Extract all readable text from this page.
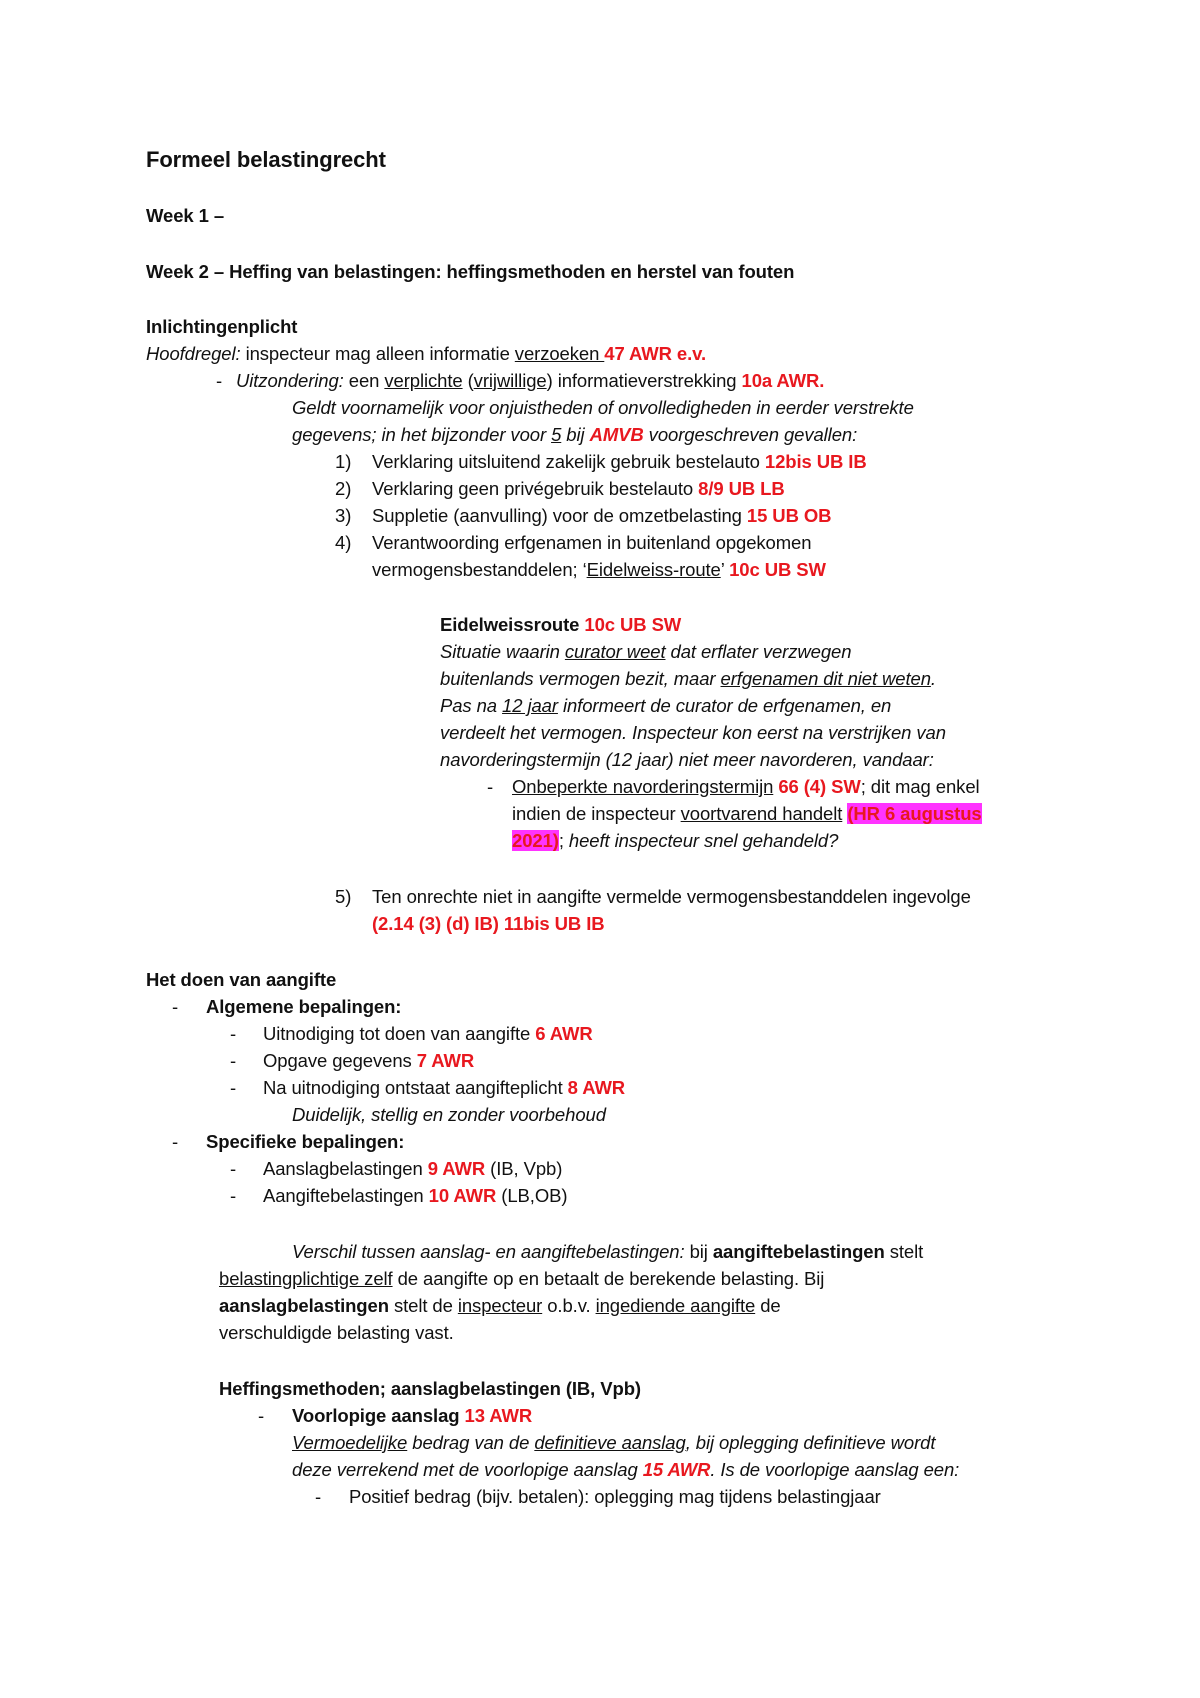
Formeel belastingrecht
Week 1 –
Week 2 – Heffing van belastingen: heffingsmethoden en herstel van fouten
Inlichtingenplicht
Hoofdregel: inspecteur mag alleen informatie verzoeken 47 AWR e.v.
- Uitzondering: een verplichte (vrijwillige) informatieverstrekking 10a AWR.
Geldt voornamelijk voor onjuistheden of onvolledigheden in eerder verstrekte
gegevens; in het bijzonder voor 5 bij AMVB voorgeschreven gevallen:
1) Verklaring uitsluitend zakelijk gebruik bestelauto 12bis UB IB
2) Verklaring geen privégebruik bestelauto 8/9 UB LB
3) Suppletie (aanvulling) voor de omzetbelasting 15 UB OB
4) Verantwoording erfgenamen in buitenland opgekomen
vermogensbestanddelen; ‘Eidelweiss-route’ 10c UB SW
Eidelweissroute 10c UB SW
Situatie waarin curator weet dat erflater verzwegen
buitenlands vermogen bezit, maar erfgenamen dit niet weten.
Pas na 12 jaar informeert de curator de erfgenamen, en
verdeelt het vermogen. Inspecteur kon eerst na verstrijken van
navorderingstermijn (12 jaar) niet meer navorderen, vandaar:
- Onbeperkte navorderingstermijn 66 (4) SW; dit mag enkel
indien de inspecteur voortvarend handelt (HR 6 augustus
2021); heeft inspecteur snel gehandeld?
5) Ten onrechte niet in aangifte vermelde vermogensbestanddelen ingevolge
(2.14 (3) (d) IB) 11bis UB IB
Het doen van aangifte
- Algemene bepalingen:
- Uitnodiging tot doen van aangifte 6 AWR
- Opgave gegevens 7 AWR
- Na uitnodiging ontstaat aangifteplicht 8 AWR
Duidelijk, stellig en zonder voorbehoud
- Specifieke bepalingen:
- Aanslagbelastingen 9 AWR (IB, Vpb)
- Aangiftebelastingen 10 AWR (LB,OB)
Verschil tussen aanslag- en aangiftebelastingen: bij aangiftebelastingen stelt
belastingplichtige zelf de aangifte op en betaalt de berekende belasting. Bij
aanslagbelastingen stelt de inspecteur o.b.v. ingediende aangifte de
verschuldigde belasting vast.
Heffingsmethoden; aanslagbelastingen (IB, Vpb)
- Voorlopige aanslag 13 AWR
Vermoedelijke bedrag van de definitieve aanslag, bij oplegging definitieve wordt
deze verrekend met de voorlopige aanslag 15 AWR. Is de voorlopige aanslag een:
- Positief bedrag (bijv. betalen): oplegging mag tijdens belastingjaar
